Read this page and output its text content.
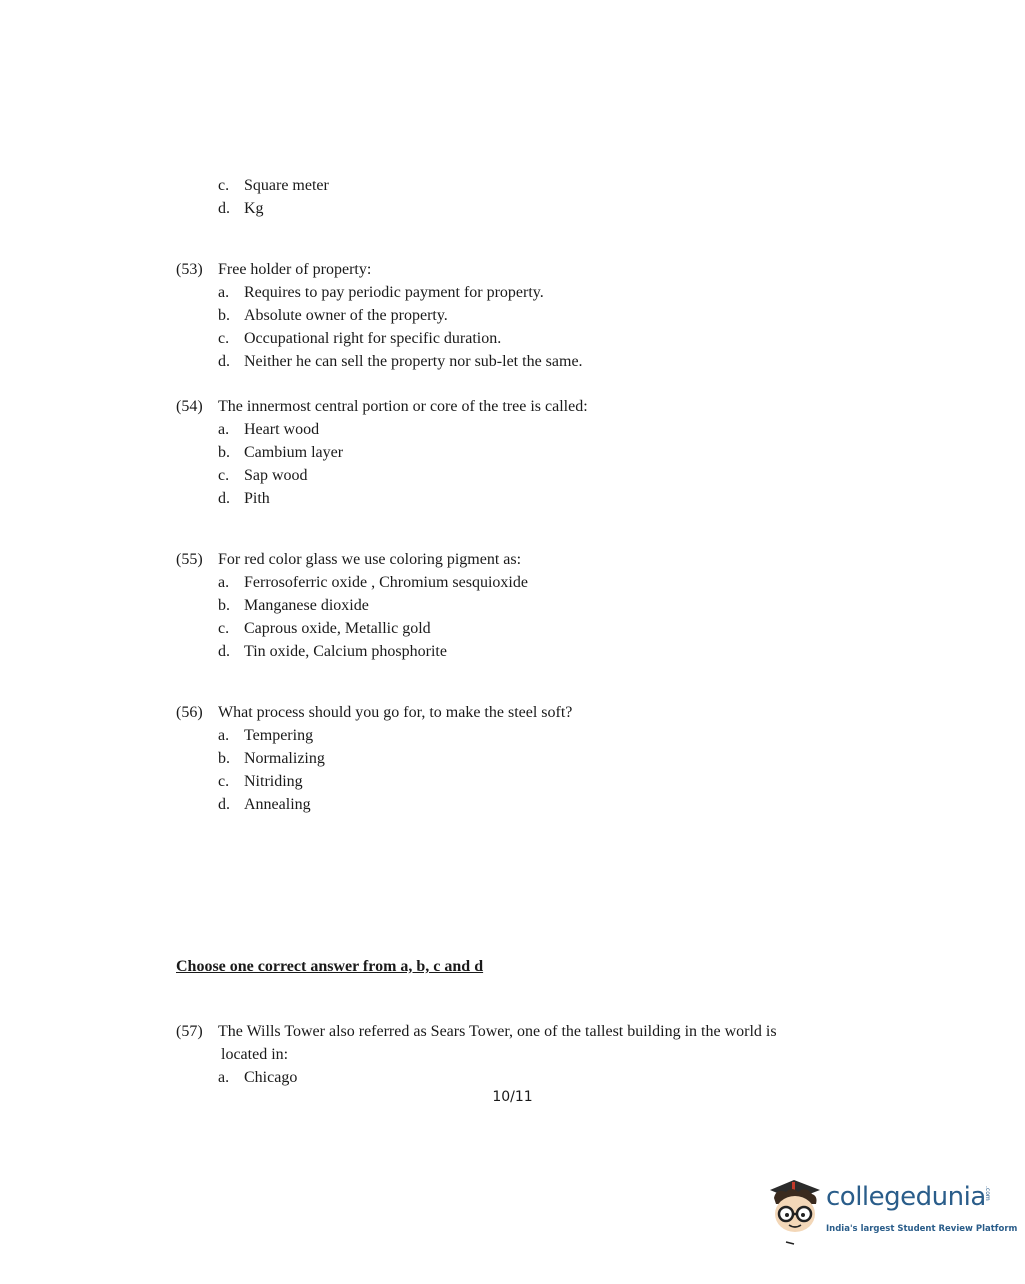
c. Square meter
d. Kg
(53) Free holder of property:
a. Requires to pay periodic payment for property.
b. Absolute owner of the property.
c. Occupational right for specific duration.
d. Neither he can sell the property nor sub-let the same.
(54) The innermost central portion or core of the tree is called:
a. Heart wood
b. Cambium layer
c. Sap wood
d. Pith
(55) For red color glass we use coloring pigment as:
a. Ferrosoferric oxide , Chromium sesquioxide
b. Manganese dioxide
c. Caprous oxide, Metallic gold
d. Tin oxide, Calcium phosphorite
(56) What process should you go for, to make the steel soft?
a. Tempering
b. Normalizing
c. Nitriding
d. Annealing
Choose one correct answer from a, b, c and d
(57) The Wills Tower also referred as Sears Tower, one of the tallest building in the world is
located in:
a. Chicago
10/11
collegedunia
.com
India's largest Student Review Platform
